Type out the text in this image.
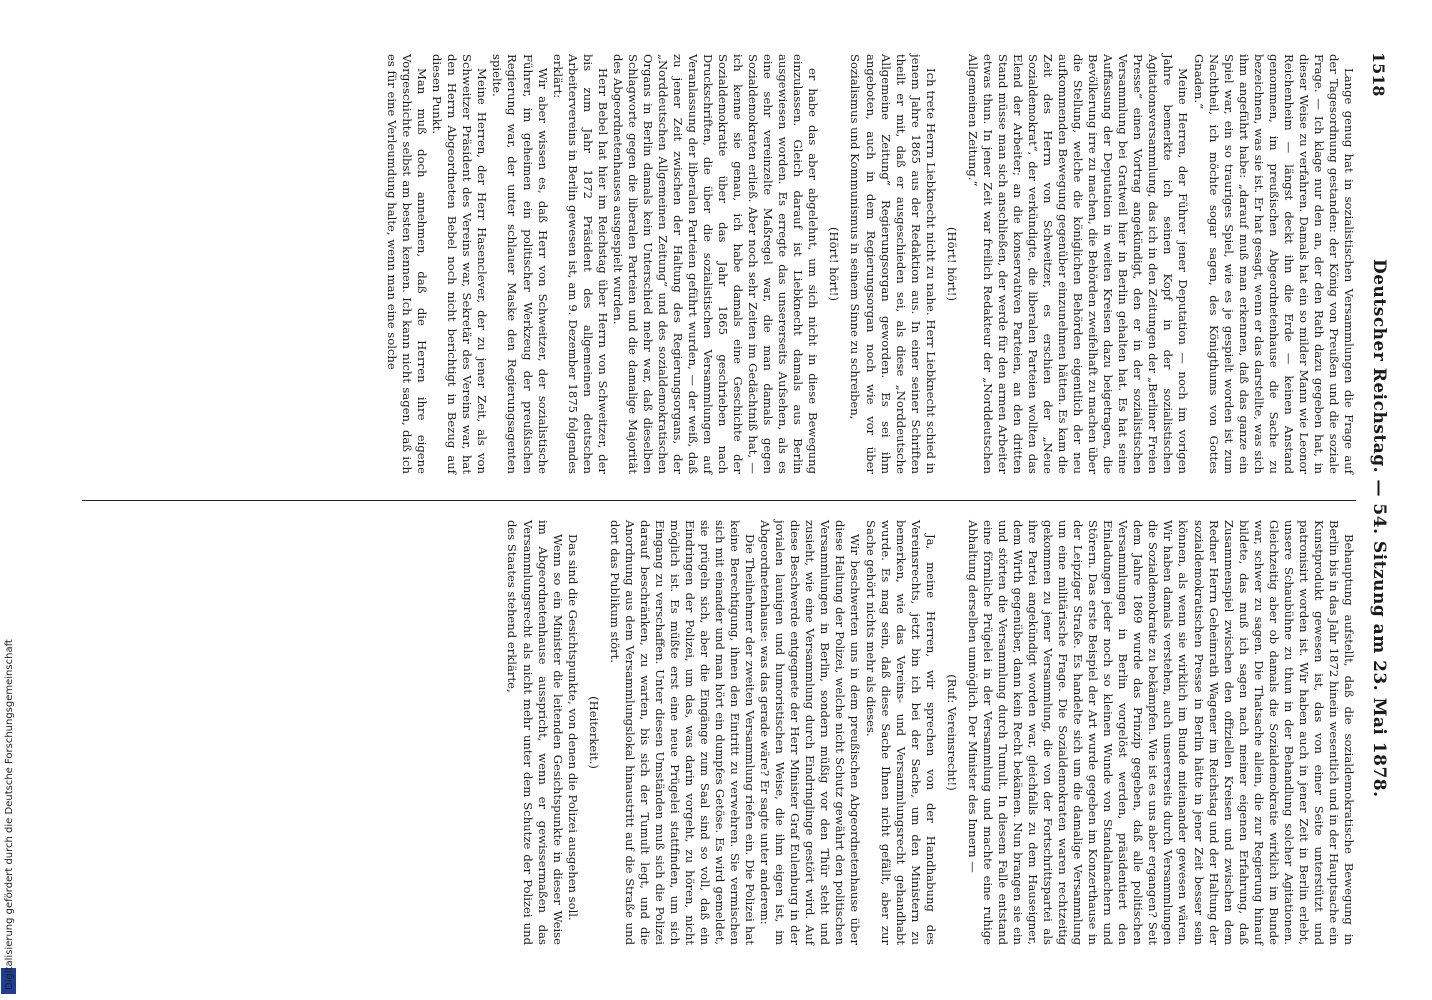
1518
Deutscher Reichstag. — 54. Sitzung am 23. Mai 1878.

Lange genug hat in sozialistischen Versammlungen die Frage auf der Tagesordnung gestanden: der König von Preußen und die soziale Frage. — Ich klage nur den an, der den Rath dazu gegeben hat, in dieser Weise zu verfahren. Damals hat ein so milder Mann wie Leonor Reichenheim — längst deckt ihn die Erde — keinen Anstand genommen, im preußischen Abgeordnetenhause die Sache zu bezeichnen, was sie ist. Er hat gesagt, wenn er das darstellte, was sich ihm angeführt habe: „darauf muß man erkennen, daß das ganze ein Spiel war, ein so trauriges Spiel, wie es je gespielt worden ist zum Nachtheil, ich möchte sogar sagen, des Königthums von Gottes Gnaden.“

Meine Herren, der Führer jener Deputation — noch im vorigen Jahre bemerkte ich seinen Kopf in der sozialistischen Agitationsversammlung, das ich in den Zeitungen der „Berliner Freien Presse“ einen Vortrag angekündigt, den er in der sozialistischen Versammlung bei Gratweil hier in Berlin gehalten hat. Es hat seine Auffassung der Deputation in weiten Kreisen dazu beigetragen, die Bevölkerung irre zu machen, die Behörden zweifelhaft zu machen über die Stellung, welche die königlichen Behörden eigentlich der neu aufkommenden Bewegung gegenüber einzunehmen hätten. Es kam die Zeit des Herrn von Schweitzer, es erschien der „Neue Sozialdemokrat“, der verkündigte, die liberalen Parteien wollten das Elend der Arbeiter; an die konservativen Parteien, an den dritten Stand müsse man sich anschließen, der werde für den armen Arbeiter etwas thun. In jener Zeit war freilich Redakteur der „Norddeutschen Allgemeinen Zeitung.“

(Hört! hört!)

Ich trete Herrn Liebknecht nicht zu nahe. Herr Liebknecht schied in jenem Jahre 1865 aus der Redaktion aus. In einer seiner Schriften theilt er mit, daß er ausgeschieden sei, als diese „Norddeutsche Allgemeine Zeitung“ Regierungsorgan geworden. Es sei ihm angeboten, auch in dem Regierungsorgan noch wie vor über Sozialismus und Kommunismus in seinem Sinne zu schreiben,

(Hört! hört!)

er habe das aber abgelehnt, um sich nicht in diese Bewegung einzulassen. Gleich darauf ist Liebknecht damals aus Berlin ausgewiesen worden. Es erregte das unsererseits Aufsehen, als es eine sehr vereinzelte Maßregel war, die man damals gegen Sozialdemokraten erließ. Aber noch sehr Zeiten im Gedächtniß hat, — ich kenne sie genau, ich habe damals eine Geschichte der Sozialdemokratie über das Jahr 1865 geschrieben nach Druckschriften, die über die sozialistischen Versammlungen auf Veranlassung der liberalen Parteien geführt wurden, — der weiß, daß zu jener Zeit zwischen der Haltung des Regierungsorgans, der „Norddeutschen Allgemeinen Zeitung“ und des sozialdemokratischen Organs in Berlin damals kein Unterschied mehr war, daß dieselben Schlagworte gegen die liberalen Parteien und die damalige Majorität des Abgeordnetenhauses ausgespielt wurden.

Herr Bebel hat hier im Reichstag über Herrn von Schweitzer, der bis zum Jahr 1872 Präsident des allgemeinen deutschen Arbeitervereins in Berlin gewesen ist, am 9. Dezember 1875 folgendes erklärt:

Wir aber wissen es, daß Herr von Schweitzer, der sozialistische Führer, im geheimen ein politischer Werkzeug der preußischen Regierung war, der unter schlauer Maske den Regierungsagenten spielte.

Meine Herren, der Herr Hasenclever, der zu jener Zeit, als von Schweitzer Präsident des Vereins war, Sekretär des Vereins war, hat den Herrn Abgeordneten Bebel noch nicht berichtigt in Bezug auf diesen Punkt.

Man muß doch annehmen, daß die Herren ihre eigene Vorgeschichte selbst am besten kennen. Ich kann nicht sagen, daß ich es für eine Verleumdung halte, wenn man eine solche

Behauptung aufstellt, daß die sozialdemokratische Bewegung in Berlin bis in das Jahr 1872 hinein wesentlich und in der Hauptsache ein Kunstprodukt gewesen ist, das von einer Seite unterstützt und patronisirt worden ist. Wir haben auch in jener Zeit in Berlin erlebt, unsere Schaubühne zu thun in der Behandlung solcher Agitationen. Gleichzeitig aber ob damals die Sozialdemokratie wirklich im Bunde war, schwer zu sagen. Die Thatsache allein, die zur Regierung hinauf bildete, das muß ich sagen nach meiner eigenen Erfahrung, daß Zusammenspiel zwischen den offiziellen Kreisen und zwischen dem Redner Herrn Geheimrath Wagener im Reichstag und der Haltung der sozialdemokratischen Presse in Berlin hätte in jener Zeit besser sein können, als wenn sie wirklich im Bunde miteinander gewesen wären. Wir haben damals verstehen, auch unsererseits durch Versammlungen die Sozialdemokratie zu bekämpfen. Wie ist es uns aber ergangen? Seit dem Jahre 1869 wurde das Prinzip gegeben, daß alle politischen Versammlungen in Berlin vorgelöst werden, präsidentiert den Einladungen jeder noch so kleinen Wunde von Standalmachern und Störern. Das erste Beispiel der Art wurde gegeben im Konzerthause in der Leipziger Straße. Es handelte sich um die damalige Versammlung um eine militärische Frage. Die Sozialdemokraten waren rechtzeitig gekommen zu jener Versammlung, die von der Fortschrittspartei als ihre Partei angekündigt worden war, gleichfalls zu dem Hauseigner, dem Wirth gegenüber, dann kein Recht bekämen. Nun brangen sie ein und störten die Versammlung durch Tumult. In diesem Falle entstand eine förmliche Prügelei in der Versammlung und machte eine ruhige Abhaltung derselben unmöglich. Der Minister des Innern —

(Ruf: Vereinsrecht!)

Ja, meine Herren, wir sprechen von der Handhabung des Vereinsrechts, jetzt bin ich bei der Sache, um den Ministern zu bemerken, wie das Vereins- und Versammlungsrecht gehandhabt wurde. Es mag sein, daß diese Sache Ihnen nicht gefällt, aber zur Sache gehört nichts mehr als dieses.

Wir beschwerten uns in dem preußischen Abgeordnetenhause über diese Haltung der Polizei, welche nicht Schutz gewährt den politischen Versammlungen in Berlin, sondern müßig vor den Thür steht und zusieht, wie eine Versammlung durch Eindringlinge gestört wird. Auf diese Beschwerde entgegnete der Herr Minister Graf Eulenburg in der jovialen launigen und humoristischen Weise, die ihm eigen ist, im Abgeordnetenhause: was das gerade wäre? Er sagte unter anderem:

Die Theilnehmer der zweiten Versammlung riefen ein. Die Polizei hat keine Berechtigung, ihnen den Eintritt zu verwehren. Sie vermischen sich mit einander und man hört ein dumpfes Getöse. Es wird gemeldet, sie prügeln sich, aber die Eingänge zum Saal sind so voll, daß ein Eindringen der Polizei, um das, was darin vorgeht, zu hören, nicht möglich ist. Es müßte erst eine neue Prügelei stattfinden, um sich Eingang zu verschaffen. Unter diesen Umständen muß sich die Polizei darauf beschränken, zu warten, bis sich der Tumult legt, und die Anordnung aus dem Versammlungslokal hinaustritt auf die Straße und dort das Publikum stört.

(Heiterkeit.)

Das sind die Gesichtspunkte, von denen die Polizei ausgehen soll.

Wenn so ein Minister die leitenden Gesichtspunkte in dieser Weise im Abgeordnetenhause ausspricht, wenn er gewissermaßen das Versammlungsrecht als nicht mehr unter dem Schutze der Polizei und des Staates stehend erklärte,

Digitalisierung gefördert durch die Deutsche Forschungsgemeinschaft
